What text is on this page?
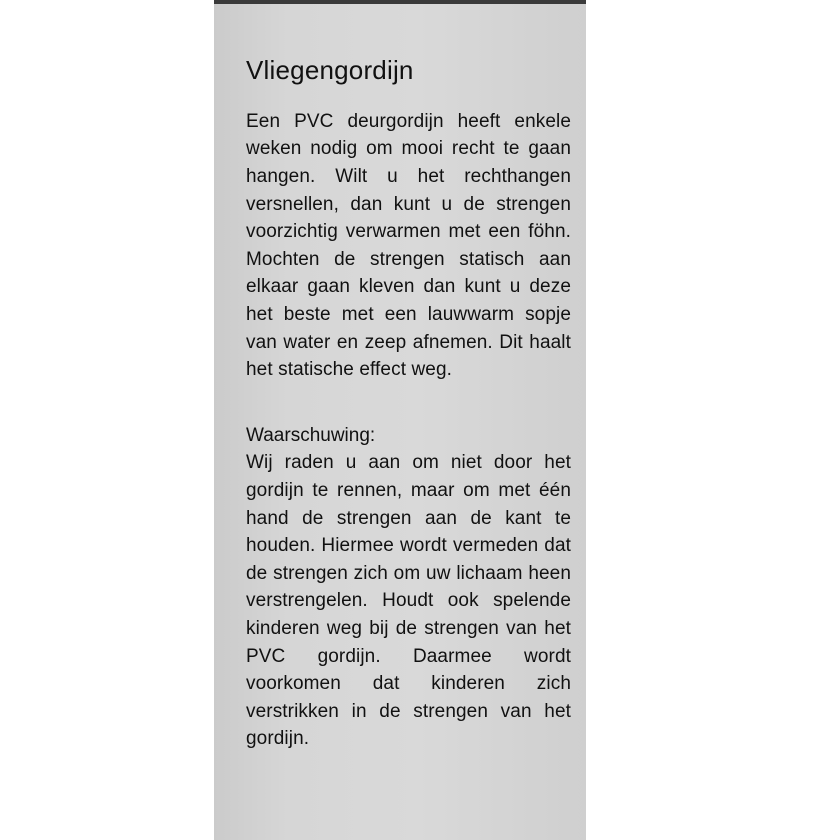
Vliegengordijn

Een PVC deurgordijn heeft enkele weken nodig om mooi recht te gaan hangen. Wilt u het rechthangen versnellen, dan kunt u de strengen voorzichtig verwarmen met een föhn. Mochten de strengen statisch aan elkaar gaan kleven dan kunt u deze het beste met een lauwwarm sopje van water en zeep afnemen. Dit haalt het statische effect weg.

Waarschuwing:

Wij raden u aan om niet door het gordijn te rennen, maar om met één hand de strengen aan de kant te houden. Hiermee wordt vermeden dat de strengen zich om uw lichaam heen verstrengelen. Houdt ook spelende kinderen weg bij de strengen van het PVC gordijn. Daarmee wordt voorkomen dat kinderen zich verstrikken in de strengen van het gordijn.
